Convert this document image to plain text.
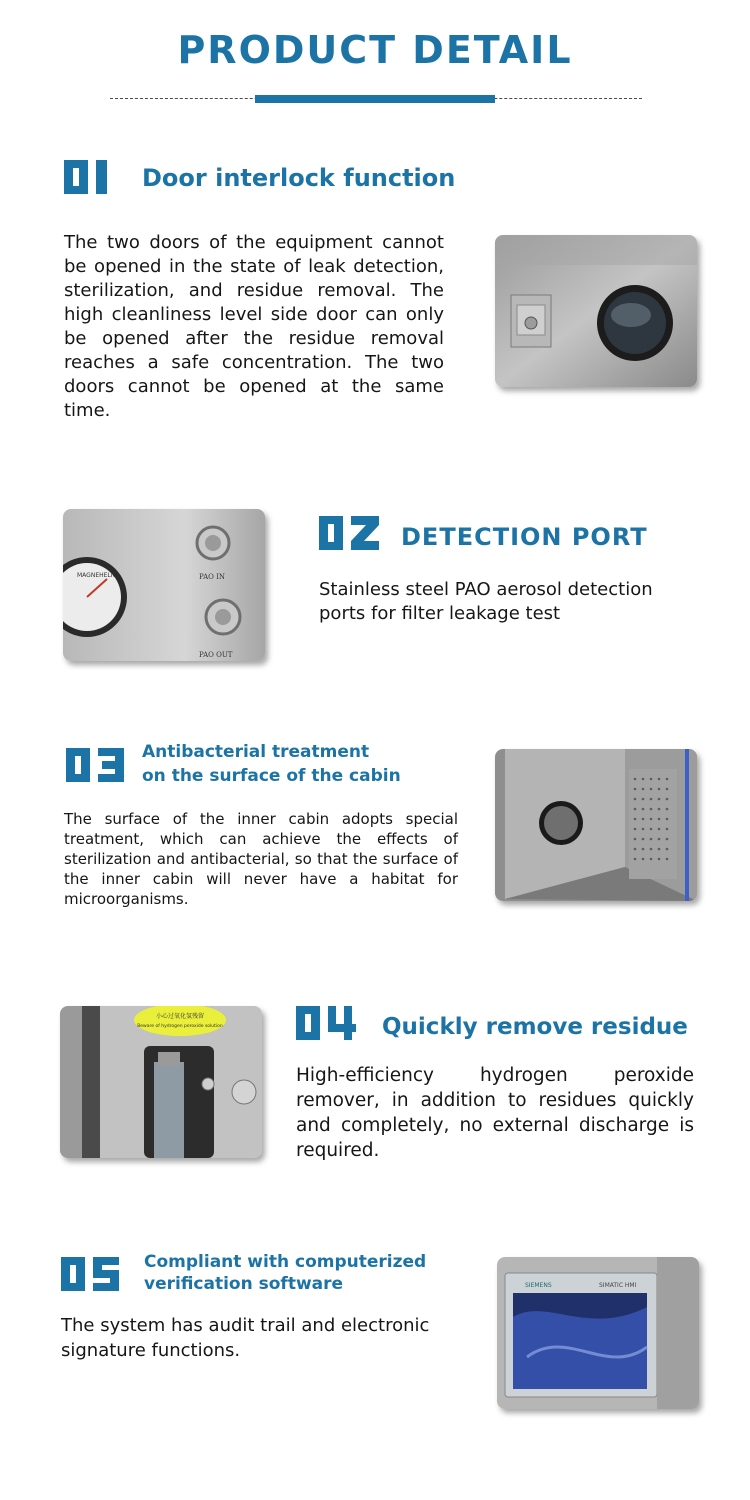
PRODUCT DETAIL
Door interlock function

The two doors of the equipment cannot be opened in the state of leak detection, sterilization, and residue removal. The high cleanliness level side door can only be opened after the residue removal reaches a safe concentration. The two doors cannot be opened at the same time.

MAGNEHELIC	PAO IN
PAO OUT
DETECTION PORT

Stainless steel PAO aerosol detection ports for filter leakage test

Antibacterial treatment
on the surface of the cabin

The surface of the inner cabin adopts special treatment, which can achieve the effects of sterilization and antibacterial, so that the surface of the inner cabin will never have a habitat for microorganisms.

小心过氧化氢残留
Beware of hydrogen peroxide solution	Quickly remove residue

High-efficiency hydrogen peroxide remover, in addition to residues quickly and completely, no external discharge is required.

Compliant with computerized
verification software

The system has audit trail and electronic signature functions.

SIEMENS	SIMATIC HMI
